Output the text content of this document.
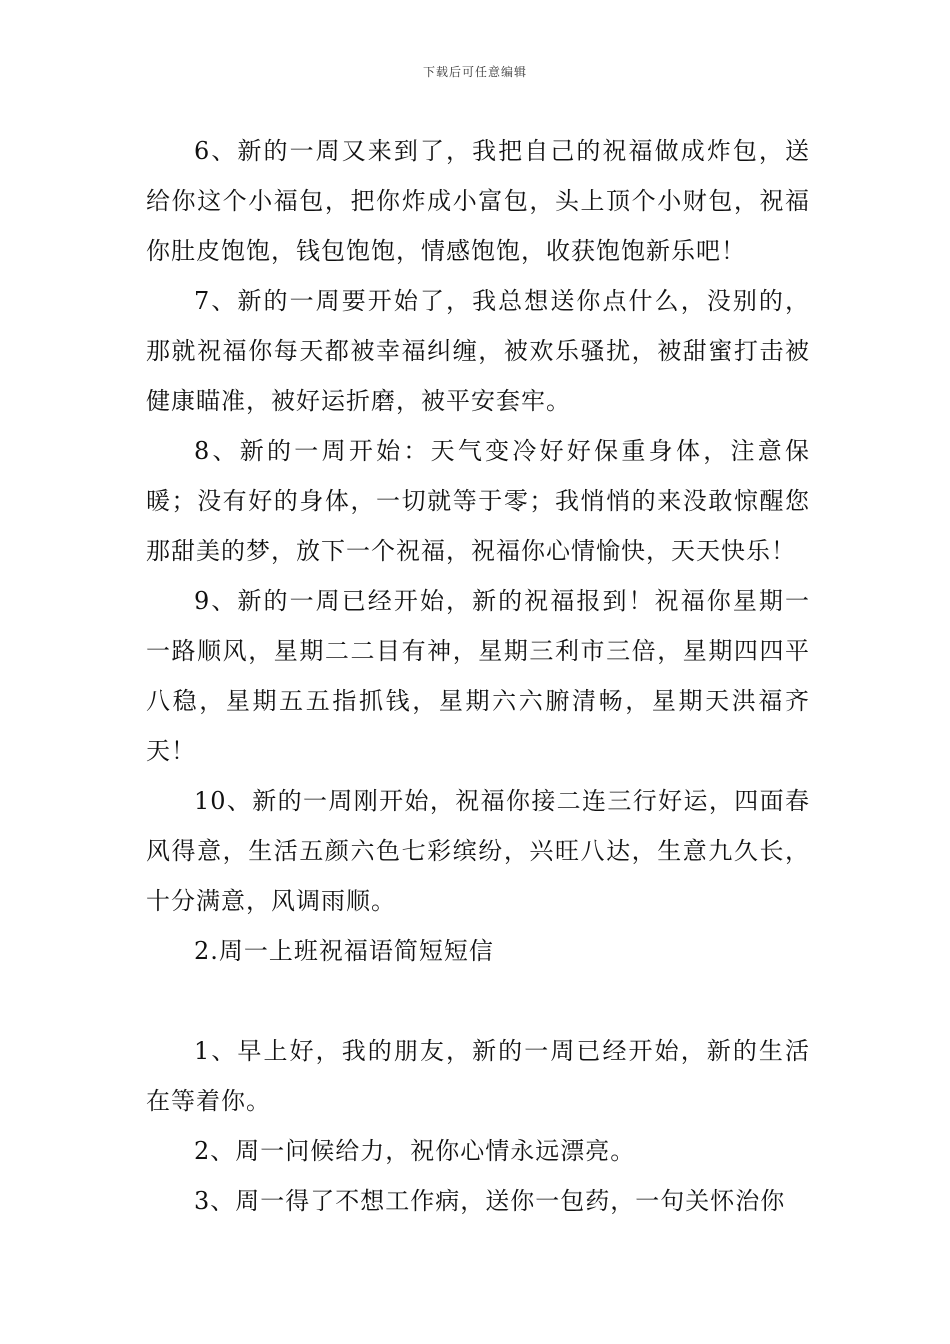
下载后可任意编辑

6、新的一周又来到了，我把自己的祝福做成炸包，送给你这个小福包，把你炸成小富包，头上顶个小财包，祝福你肚皮饱饱，钱包饱饱，情感饱饱，收获饱饱新乐吧！

7、新的一周要开始了，我总想送你点什么，没别的，那就祝福你每天都被幸福纠缠，被欢乐骚扰，被甜蜜打击被健康瞄准，被好运折磨，被平安套牢。

8、新的一周开始：天气变冷好好保重身体，注意保暖；没有好的身体，一切就等于零；我悄悄的来没敢惊醒您那甜美的梦，放下一个祝福，祝福你心情愉快，天天快乐！

9、新的一周已经开始，新的祝福报到！祝福你星期一一路顺风，星期二二目有神，星期三利市三倍，星期四四平八稳，星期五五指抓钱，星期六六腑清畅，星期天洪福齐天！

10、新的一周刚开始，祝福你接二连三行好运，四面春风得意，生活五颜六色七彩缤纷，兴旺八达，生意九久长，十分满意，风调雨顺。

2.周一上班祝福语简短短信

1、早上好，我的朋友，新的一周已经开始，新的生活在等着你。

2、周一问候给力，祝你心情永远漂亮。

3、周一得了不想工作病，送你一包药，一句关怀治你
